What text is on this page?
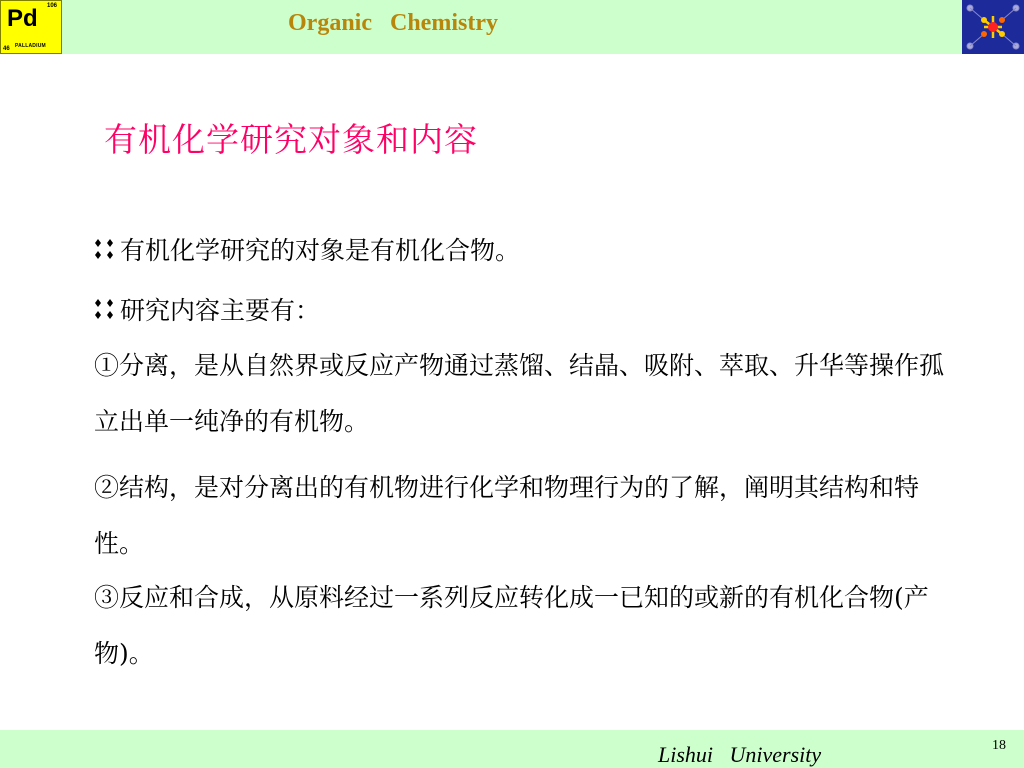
106
Pd
PALLADIUM
46
Organic   Chemistry
有机化学研究对象和内容
有机化学研究的对象是有机化合物。
研究内容主要有：
①分离，是从自然界或反应产物通过蒸馏、结晶、吸附、萃取、升华等操作孤立出单一纯净的有机物。
②结构，是对分离出的有机物进行化学和物理行为的了解，阐明其结构和特性。
③反应和合成，从原料经过一系列反应转化成一已知的或新的有机化合物(产物)。
Lishui   University	18
